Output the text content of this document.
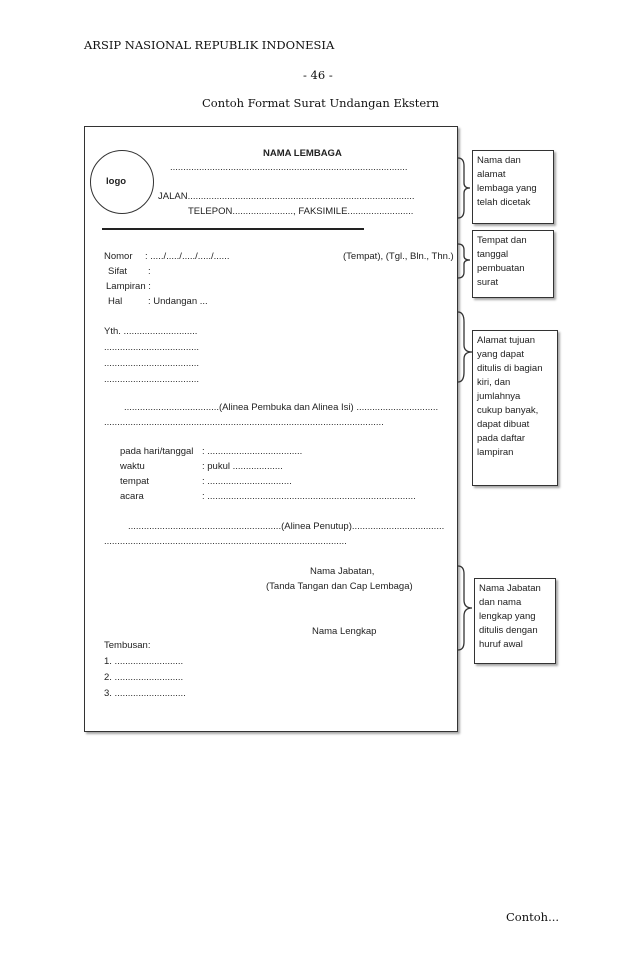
ARSIP NASIONAL REPUBLIK INDONESIA
- 46 -
Contoh Format Surat Undangan Ekstern
logo
NAMA LEMBAGA
..........................................................................................
JALAN......................................................................................
TELEPON......................., FAKSIMILE.........................
Nomor : ...../...../...../...../......	(Tempat), (Tgl., Bln., Thn.)
Sifat :
Lampiran :
Hal	: Undangan ...
Yth. ............................
....................................
....................................
....................................
....................................(Alinea Pembuka dan Alinea Isi) ...............................
..........................................................................................................
pada hari/tanggal : ....................................
waktu	: pukul ...................
tempat	: ................................
acara	: ...............................................................................
..........................................................(Alinea Penutup)...................................
............................................................................................
Nama Jabatan,
(Tanda Tangan dan Cap Lembaga)
Nama Lengkap
Tembusan:
1. ..........................
2. ..........................
3. ...........................
Nama dan
alamat
lembaga yang
telah dicetak
Tempat dan
tanggal
pembuatan
surat
Alamat tujuan
yang dapat
ditulis di bagian
kiri, dan
jumlahnya
cukup banyak,
dapat dibuat
pada daftar
lampiran
Nama Jabatan
dan nama
lengkap yang
ditulis dengan
huruf awal
Contoh...
